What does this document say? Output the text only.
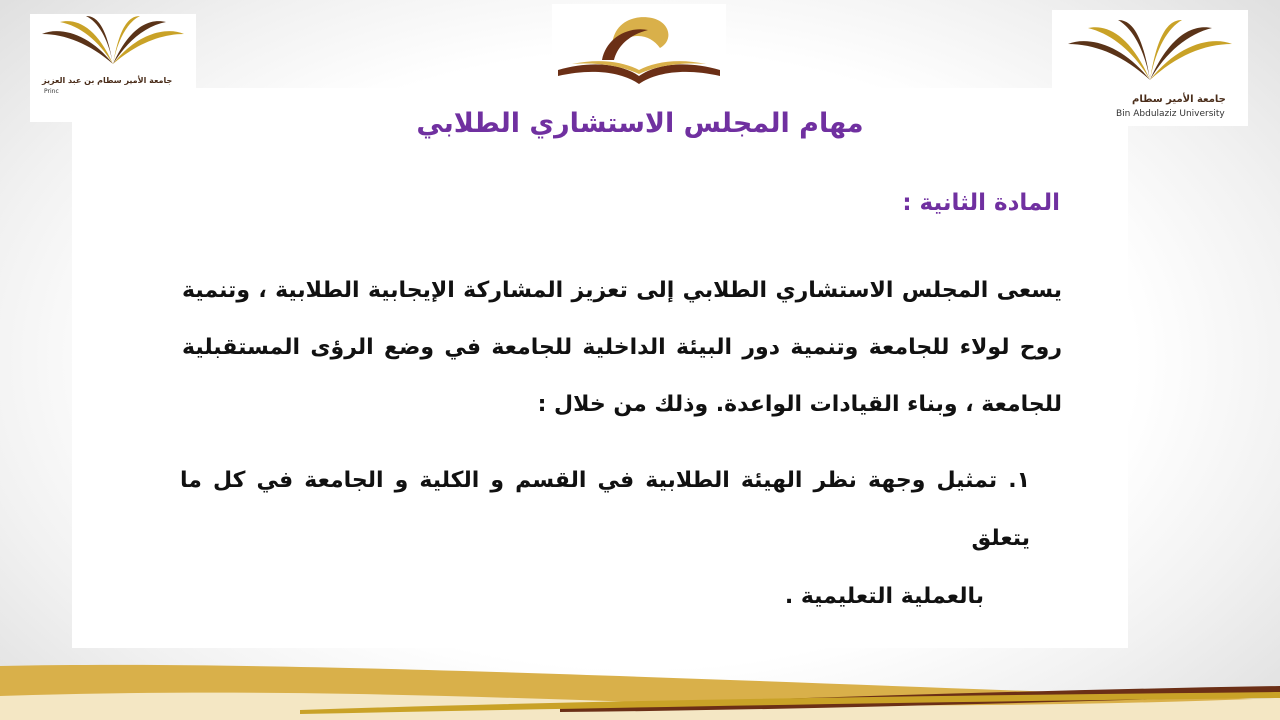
جامعة الأمير سطام بن عبد العزيز
Princ
جامعة الأمير سطام
Bin Abdulaziz University
مهام المجلس الاستشاري الطلابي
المادة الثانية :
يسعى المجلس الاستشاري الطلابي إلى تعزيز المشاركة الإيجابية الطلابية ، وتنمية
روح لولاء للجامعة وتنمية دور البيئة الداخلية للجامعة في وضع الرؤى المستقبلية
للجامعة ، وبناء القيادات الواعدة. وذلك من خلال :
١. تمثيل وجهة نظر الهيئة الطلابية في القسم و الكلية و الجامعة في كل ما يتعلق
بالعملية التعليمية .
